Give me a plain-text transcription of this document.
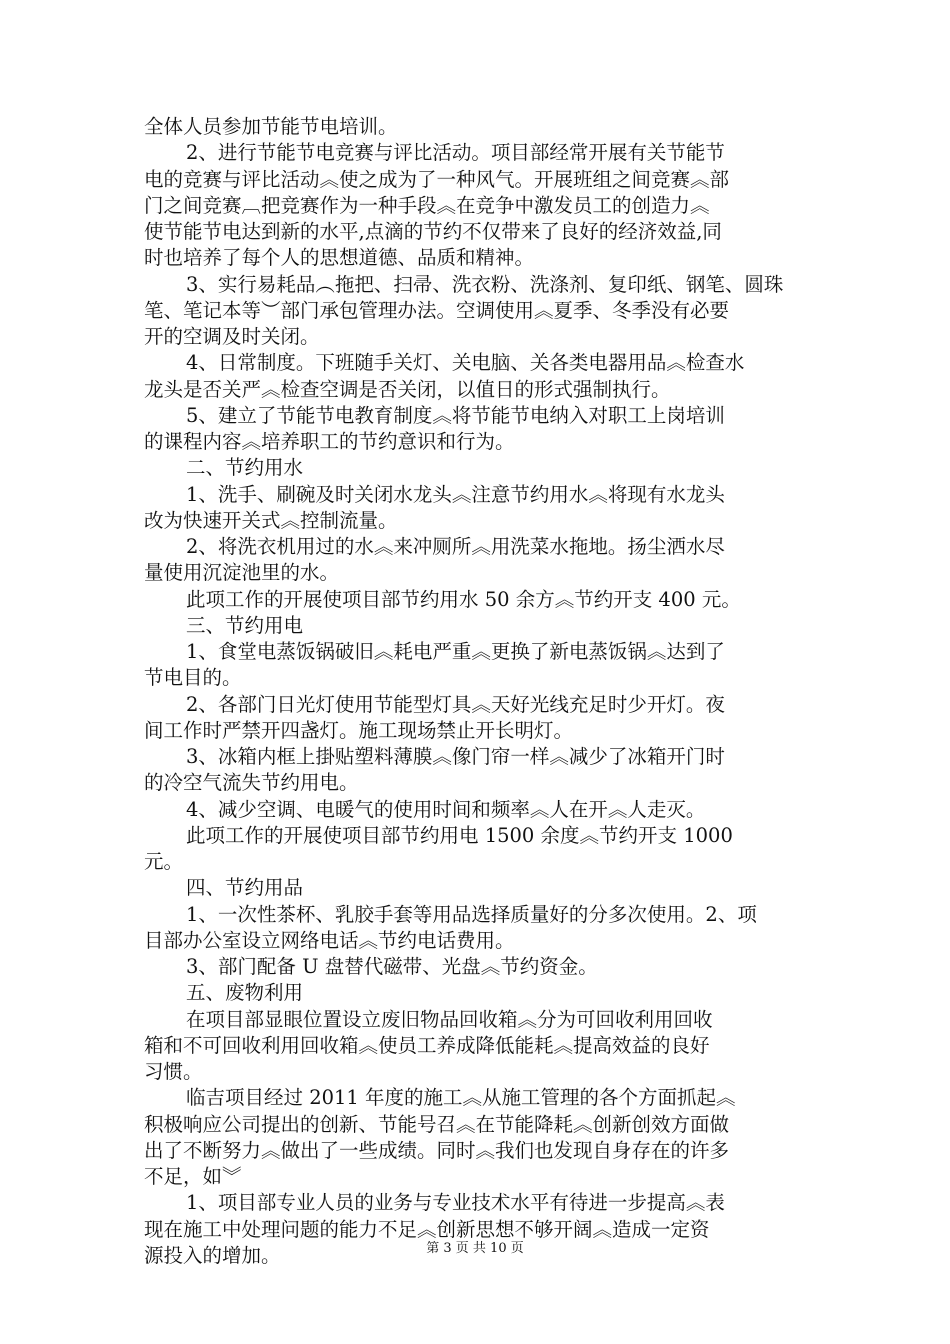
全体人员参加节能节电培训。
2、进行节能节电竞赛与评比活动。项目部经常开展有关节能节
电的竞赛与评比活动︽使之成为了一种风气。开展班组之间竞赛︽部
门之间竞赛︹把竞赛作为一种手段︽在竞争中激发员工的创造力︽
使节能节电达到新的水平,点滴的节约不仅带来了良好的经济效益,同
时也培养了每个人的思想道德、品质和精神。
3、实行易耗品︵拖把、扫帚、洗衣粉、洗涤剂、复印纸、钢笔、圆珠
笔、笔记本等︶部门承包管理办法。空调使用︽夏季、冬季没有必要
开的空调及时关闭。
4、日常制度。下班随手关灯、关电脑、关各类电器用品︽检查水
龙头是否关严︽检查空调是否关闭，以值日的形式强制执行。
5、建立了节能节电教育制度︽将节能节电纳入对职工上岗培训
的课程内容︽培养职工的节约意识和行为。
二、节约用水
1、洗手、刷碗及时关闭水龙头︽注意节约用水︽将现有水龙头
改为快速开关式︽控制流量。
2、将洗衣机用过的水︽来冲厕所︽用洗菜水拖地。扬尘洒水尽
量使用沉淀池里的水。
此项工作的开展使项目部节约用水 50 余方︽节约开支 400 元。
三、节约用电
1、食堂电蒸饭锅破旧︽耗电严重︽更换了新电蒸饭锅︽达到了
节电目的。
2、各部门日光灯使用节能型灯具︽天好光线充足时少开灯。夜
间工作时严禁开四盏灯。施工现场禁止开长明灯。
3、冰箱内框上掛贴塑料薄膜︽像门帘一样︽减少了冰箱开门时
的冷空气流失节约用电。
4、减少空调、电暖气的使用时间和频率︽人在开︽人走灭。
此项工作的开展使项目部节约用电 1500 余度︽节约开支 1000
元。
四、节约用品
1、一次性茶杯、乳胶手套等用品选择质量好的分多次使用。2、项
目部办公室设立网络电话︽节约电话费用。
3、部门配备 U 盘替代磁带、光盘︽节约资金。
五、废物利用
在项目部显眼位置设立废旧物品回收箱︽分为可回收利用回收
箱和不可回收利用回收箱︽使员工养成降低能耗︽提高效益的良好
习惯。
临吉项目经过 2011 年度的施工︽从施工管理的各个方面抓起︽
积极响应公司提出的创新、节能号召︽在节能降耗︽创新创效方面做
出了不断努力︽做出了一些成绩。同时︽我们也发现自身存在的许多
不足，如︾
1、项目部专业人员的业务与专业技术水平有待进一步提高︽表
现在施工中处理问题的能力不足︽创新思想不够开阔︽造成一定资
源投入的增加。	第 3 页 共 10 页
